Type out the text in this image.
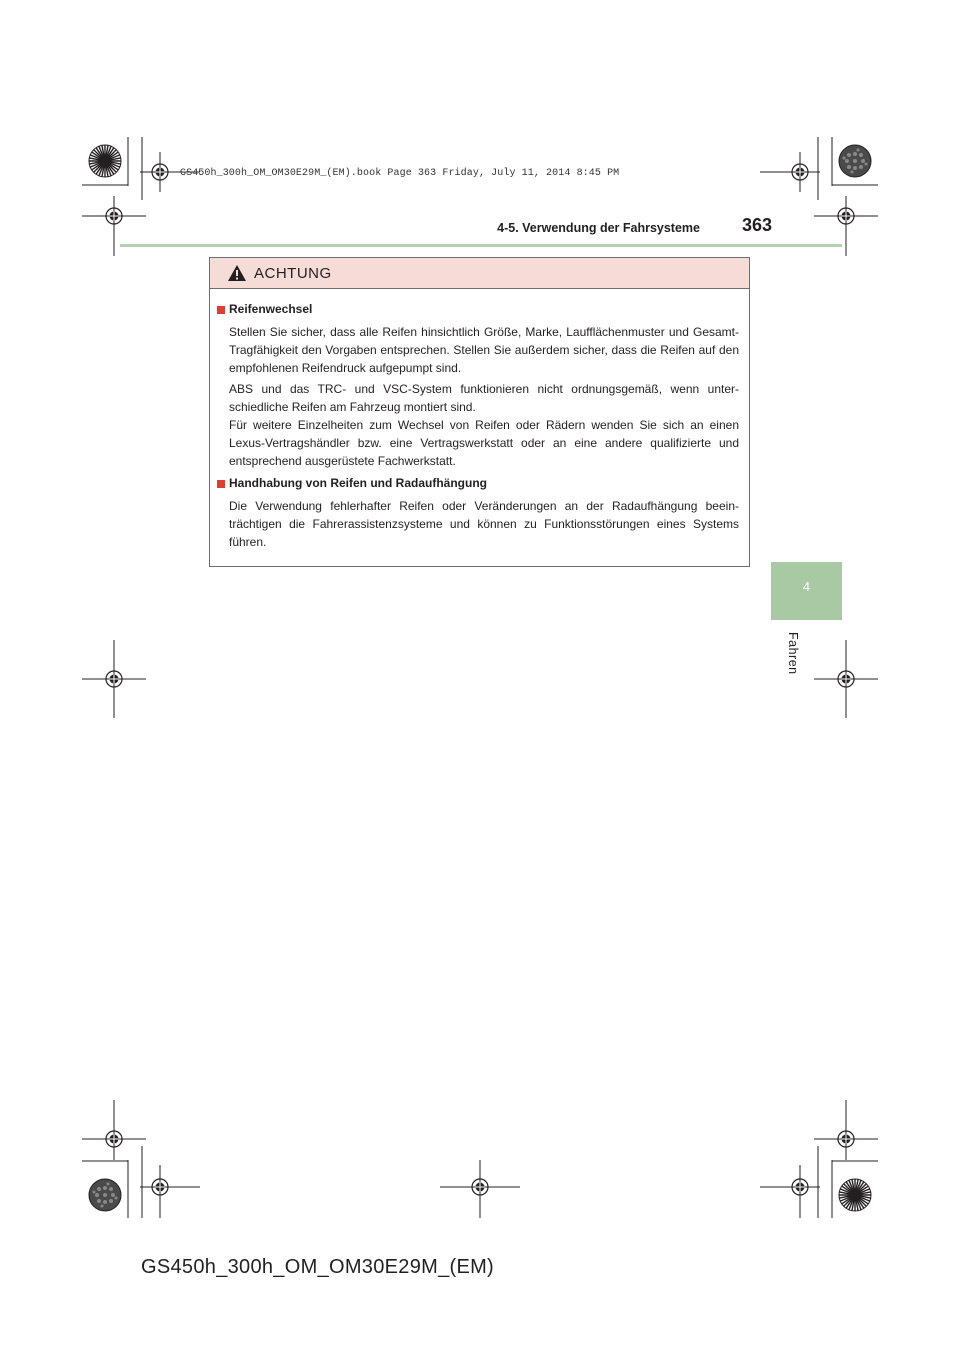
GS450h_300h_OM_OM30E29M_(EM).book Page 363 Friday, July 11, 2014 8:45 PM
4-5. Verwendung der Fahrsysteme 363
4
Fahren
ACHTUNG
Reifenwechsel
Stellen Sie sicher, dass alle Reifen hinsichtlich Größe, Marke, Laufflächenmuster und Gesamt-Tragfähigkeit den Vorgaben entsprechen. Stellen Sie außerdem sicher, dass die Reifen auf den empfohlenen Reifendruck aufgepumpt sind.
ABS und das TRC- und VSC-System funktionieren nicht ordnungsgemäß, wenn unter-schiedliche Reifen am Fahrzeug montiert sind.
Für weitere Einzelheiten zum Wechsel von Reifen oder Rädern wenden Sie sich an einen Lexus-Vertragshändler bzw. eine Vertragswerkstatt oder an eine andere qualifizierte und entsprechend ausgerüstete Fachwerkstatt.
Handhabung von Reifen und Radaufhängung
Die Verwendung fehlerhafter Reifen oder Veränderungen an der Radaufhängung beein-trächtigen die Fahrerassistenzsysteme und können zu Funktionsstörungen eines Systems führen.
GS450h_300h_OM_OM30E29M_(EM)
